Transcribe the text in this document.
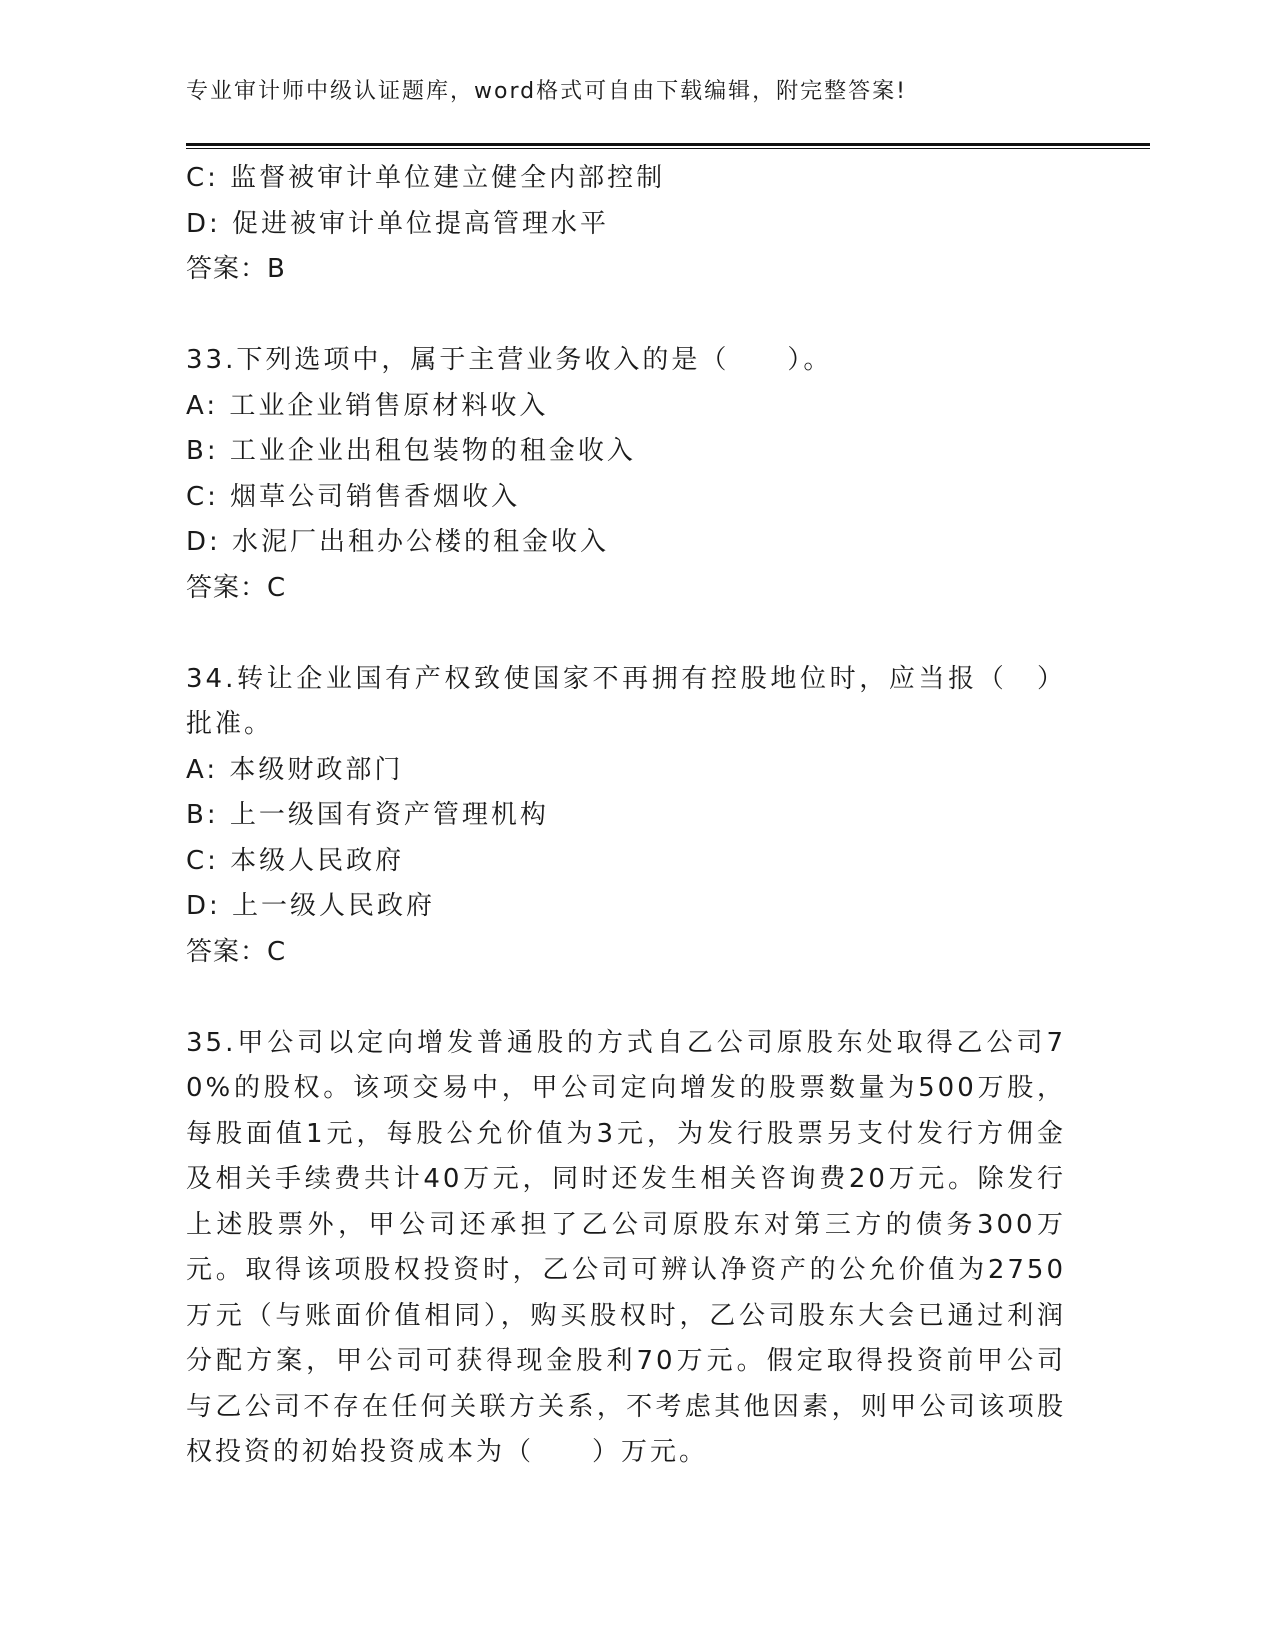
专业审计师中级认证题库，word格式可自由下载编辑，附完整答案!
C: 监督被审计单位建立健全内部控制
D: 促进被审计单位提高管理水平
答案：B
33.下列选项中，属于主营业务收入的是（　　）。
A: 工业企业销售原材料收入
B: 工业企业出租包装物的租金收入
C: 烟草公司销售香烟收入
D: 水泥厂出租办公楼的租金收入
答案：C
34.转让企业国有产权致使国家不再拥有控股地位时，应当报（　）批准。
A: 本级财政部门
B: 上一级国有资产管理机构
C: 本级人民政府
D: 上一级人民政府
答案：C
35.甲公司以定向增发普通股的方式自乙公司原股东处取得乙公司70%的股权。该项交易中，甲公司定向增发的股票数量为500万股，每股面值1元，每股公允价值为3元，为发行股票另支付发行方佣金及相关手续费共计40万元，同时还发生相关咨询费20万元。除发行上述股票外，甲公司还承担了乙公司原股东对第三方的债务300万元。取得该项股权投资时，乙公司可辨认净资产的公允价值为2750万元（与账面价值相同），购买股权时，乙公司股东大会已通过利润分配方案，甲公司可获得现金股利70万元。假定取得投资前甲公司与乙公司不存在任何关联方关系，不考虑其他因素，则甲公司该项股权投资的初始投资成本为（　　）万元。
